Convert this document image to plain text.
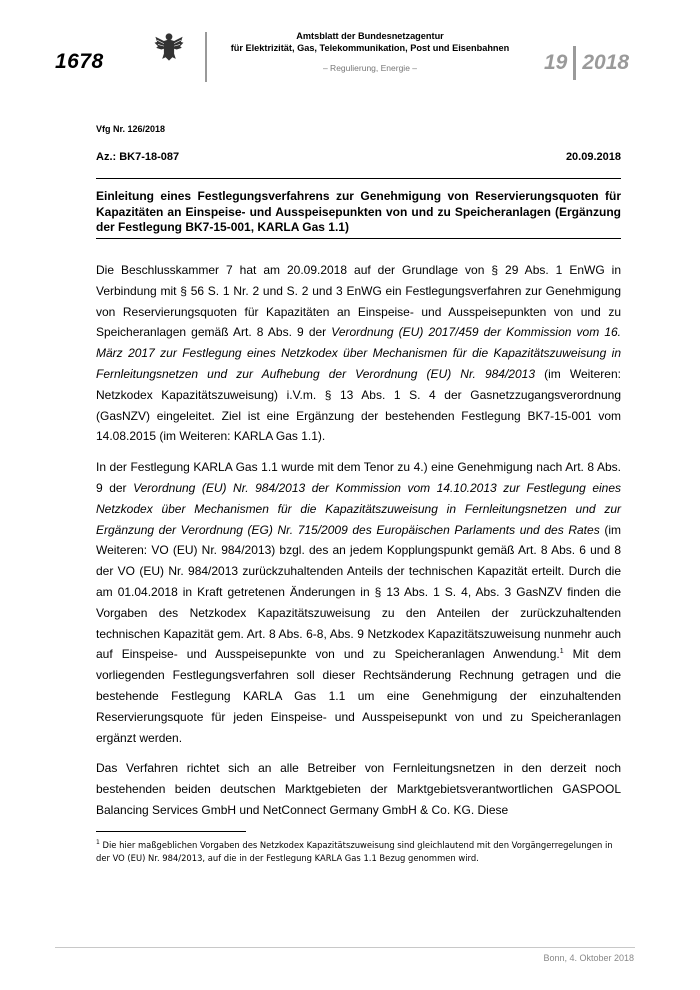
1678
Amtsblatt der Bundesnetzagentur
für Elektrizität, Gas, Telekommunikation, Post und Eisenbahnen
– Regulierung, Energie –	19 2018
Vfg Nr. 126/2018
Az.: BK7-18-087	20.09.2018
Einleitung eines Festlegungsverfahrens zur Genehmigung von Reservierungsquoten für Kapazitäten an Einspeise- und Ausspeisepunkten von und zu Speicheranlagen (Ergänzung der Festlegung BK7-15-001, KARLA Gas 1.1)

Die Beschlusskammer 7 hat am 20.09.2018 auf der Grundlage von § 29 Abs. 1 EnWG in Verbindung mit § 56 S. 1 Nr. 2 und S. 2 und 3 EnWG ein Festlegungsverfahren zur Genehmigung von Reservierungsquoten für Kapazitäten an Einspeise- und Ausspeisepunkten von und zu Speicheranlagen gemäß Art. 8 Abs. 9 der Verordnung (EU) 2017/459 der Kommission vom 16. März 2017 zur Festlegung eines Netzkodex über Mechanismen für die Kapazitätszuweisung in Fernleitungsnetzen und zur Aufhebung der Verordnung (EU) Nr. 984/2013 (im Weiteren: Netzkodex Kapazitätszuweisung) i.V.m. § 13 Abs. 1 S. 4 der Gasnetzzugangsverordnung (GasNZV) eingeleitet. Ziel ist eine Ergänzung der bestehenden Festlegung BK7-15-001 vom 14.08.2015 (im Weiteren: KARLA Gas 1.1).

In der Festlegung KARLA Gas 1.1 wurde mit dem Tenor zu 4.) eine Genehmigung nach Art. 8 Abs. 9 der Verordnung (EU) Nr. 984/2013 der Kommission vom 14.10.2013 zur Festlegung eines Netzkodex über Mechanismen für die Kapazitätszuweisung in Fernleitungsnetzen und zur Ergänzung der Verordnung (EG) Nr. 715/2009 des Europäischen Parlaments und des Rates (im Weiteren: VO (EU) Nr. 984/2013) bzgl. des an jedem Kopplungspunkt gemäß Art. 8 Abs. 6 und 8 der VO (EU) Nr. 984/2013 zurückzuhaltenden Anteils der technischen Kapazität erteilt. Durch die am 01.04.2018 in Kraft getretenen Änderungen in § 13 Abs. 1 S. 4, Abs. 3 GasNZV finden die Vorgaben des Netzkodex Kapazitätszuweisung zu den Anteilen der zurückzuhaltenden technischen Kapazität gem. Art. 8 Abs. 6-8, Abs. 9 Netzkodex Kapazitätszuweisung nunmehr auch auf Einspeise- und Ausspeisepunkte von und zu Speicheranlagen Anwendung.$^1$ Mit dem vorliegenden Festlegungsverfahren soll dieser Rechtsänderung Rechnung getragen und die bestehende Festlegung KARLA Gas 1.1 um eine Genehmigung der einzuhaltenden Reservierungsquote für jeden Einspeise- und Ausspeisepunkt von und zu Speicheranlagen ergänzt werden.

Das Verfahren richtet sich an alle Betreiber von Fernleitungsnetzen in den derzeit noch bestehenden beiden deutschen Marktgebieten der Marktgebietsverantwortlichen GASPOOL Balancing Services GmbH und NetConnect Germany GmbH & Co. KG. Diese

$^1$ Die hier maßgeblichen Vorgaben des Netzkodex Kapazitätszuweisung sind gleichlautend mit den Vorgängerregelungen in der VO (EU) Nr. 984/2013, auf die in der Festlegung KARLA Gas 1.1 Bezug genommen wird.
Bonn, 4. Oktober 2018
